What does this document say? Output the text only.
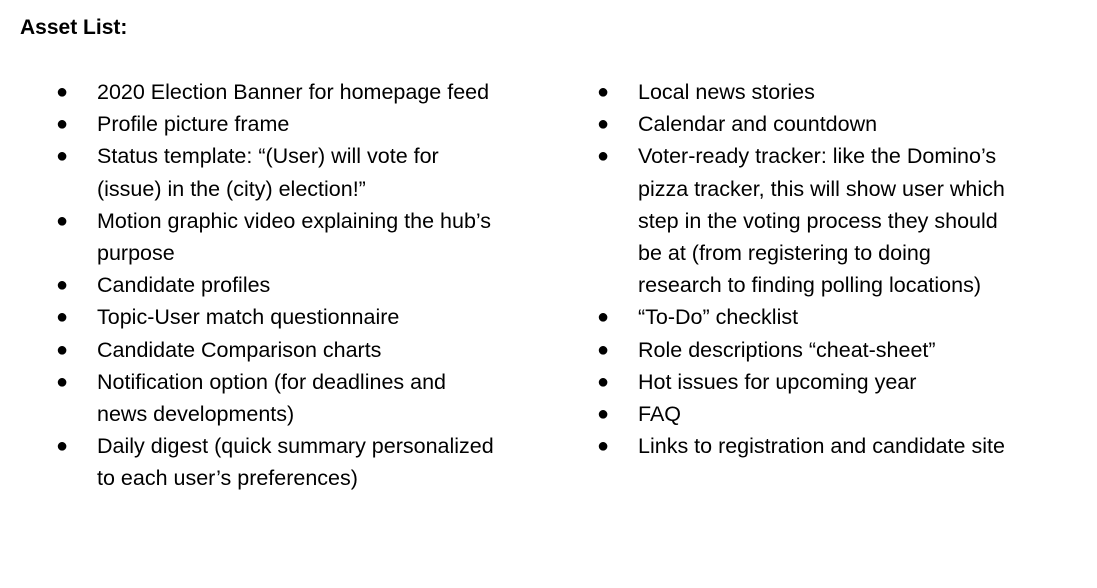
Asset List:
●	2020 Election Banner for homepage feed
●	Profile picture frame
●	Status template: “(User) will vote for (issue) in the (city) election!”
●	Motion graphic video explaining the hub’s purpose
●	Candidate profiles
●	Topic-User match questionnaire
●	Candidate Comparison charts
●	Notification option (for deadlines and news developments)
●	Daily digest (quick summary personalized to each user’s preferences)
●	Local news stories
●	Calendar and countdown
●	Voter-ready tracker: like the Domino’s pizza tracker, this will show user which step in the voting process they should be at (from registering to doing research to finding polling locations)
●	“To-Do” checklist
●	Role descriptions “cheat-sheet”
●	Hot issues for upcoming year
●	FAQ
●	Links to registration and candidate site
